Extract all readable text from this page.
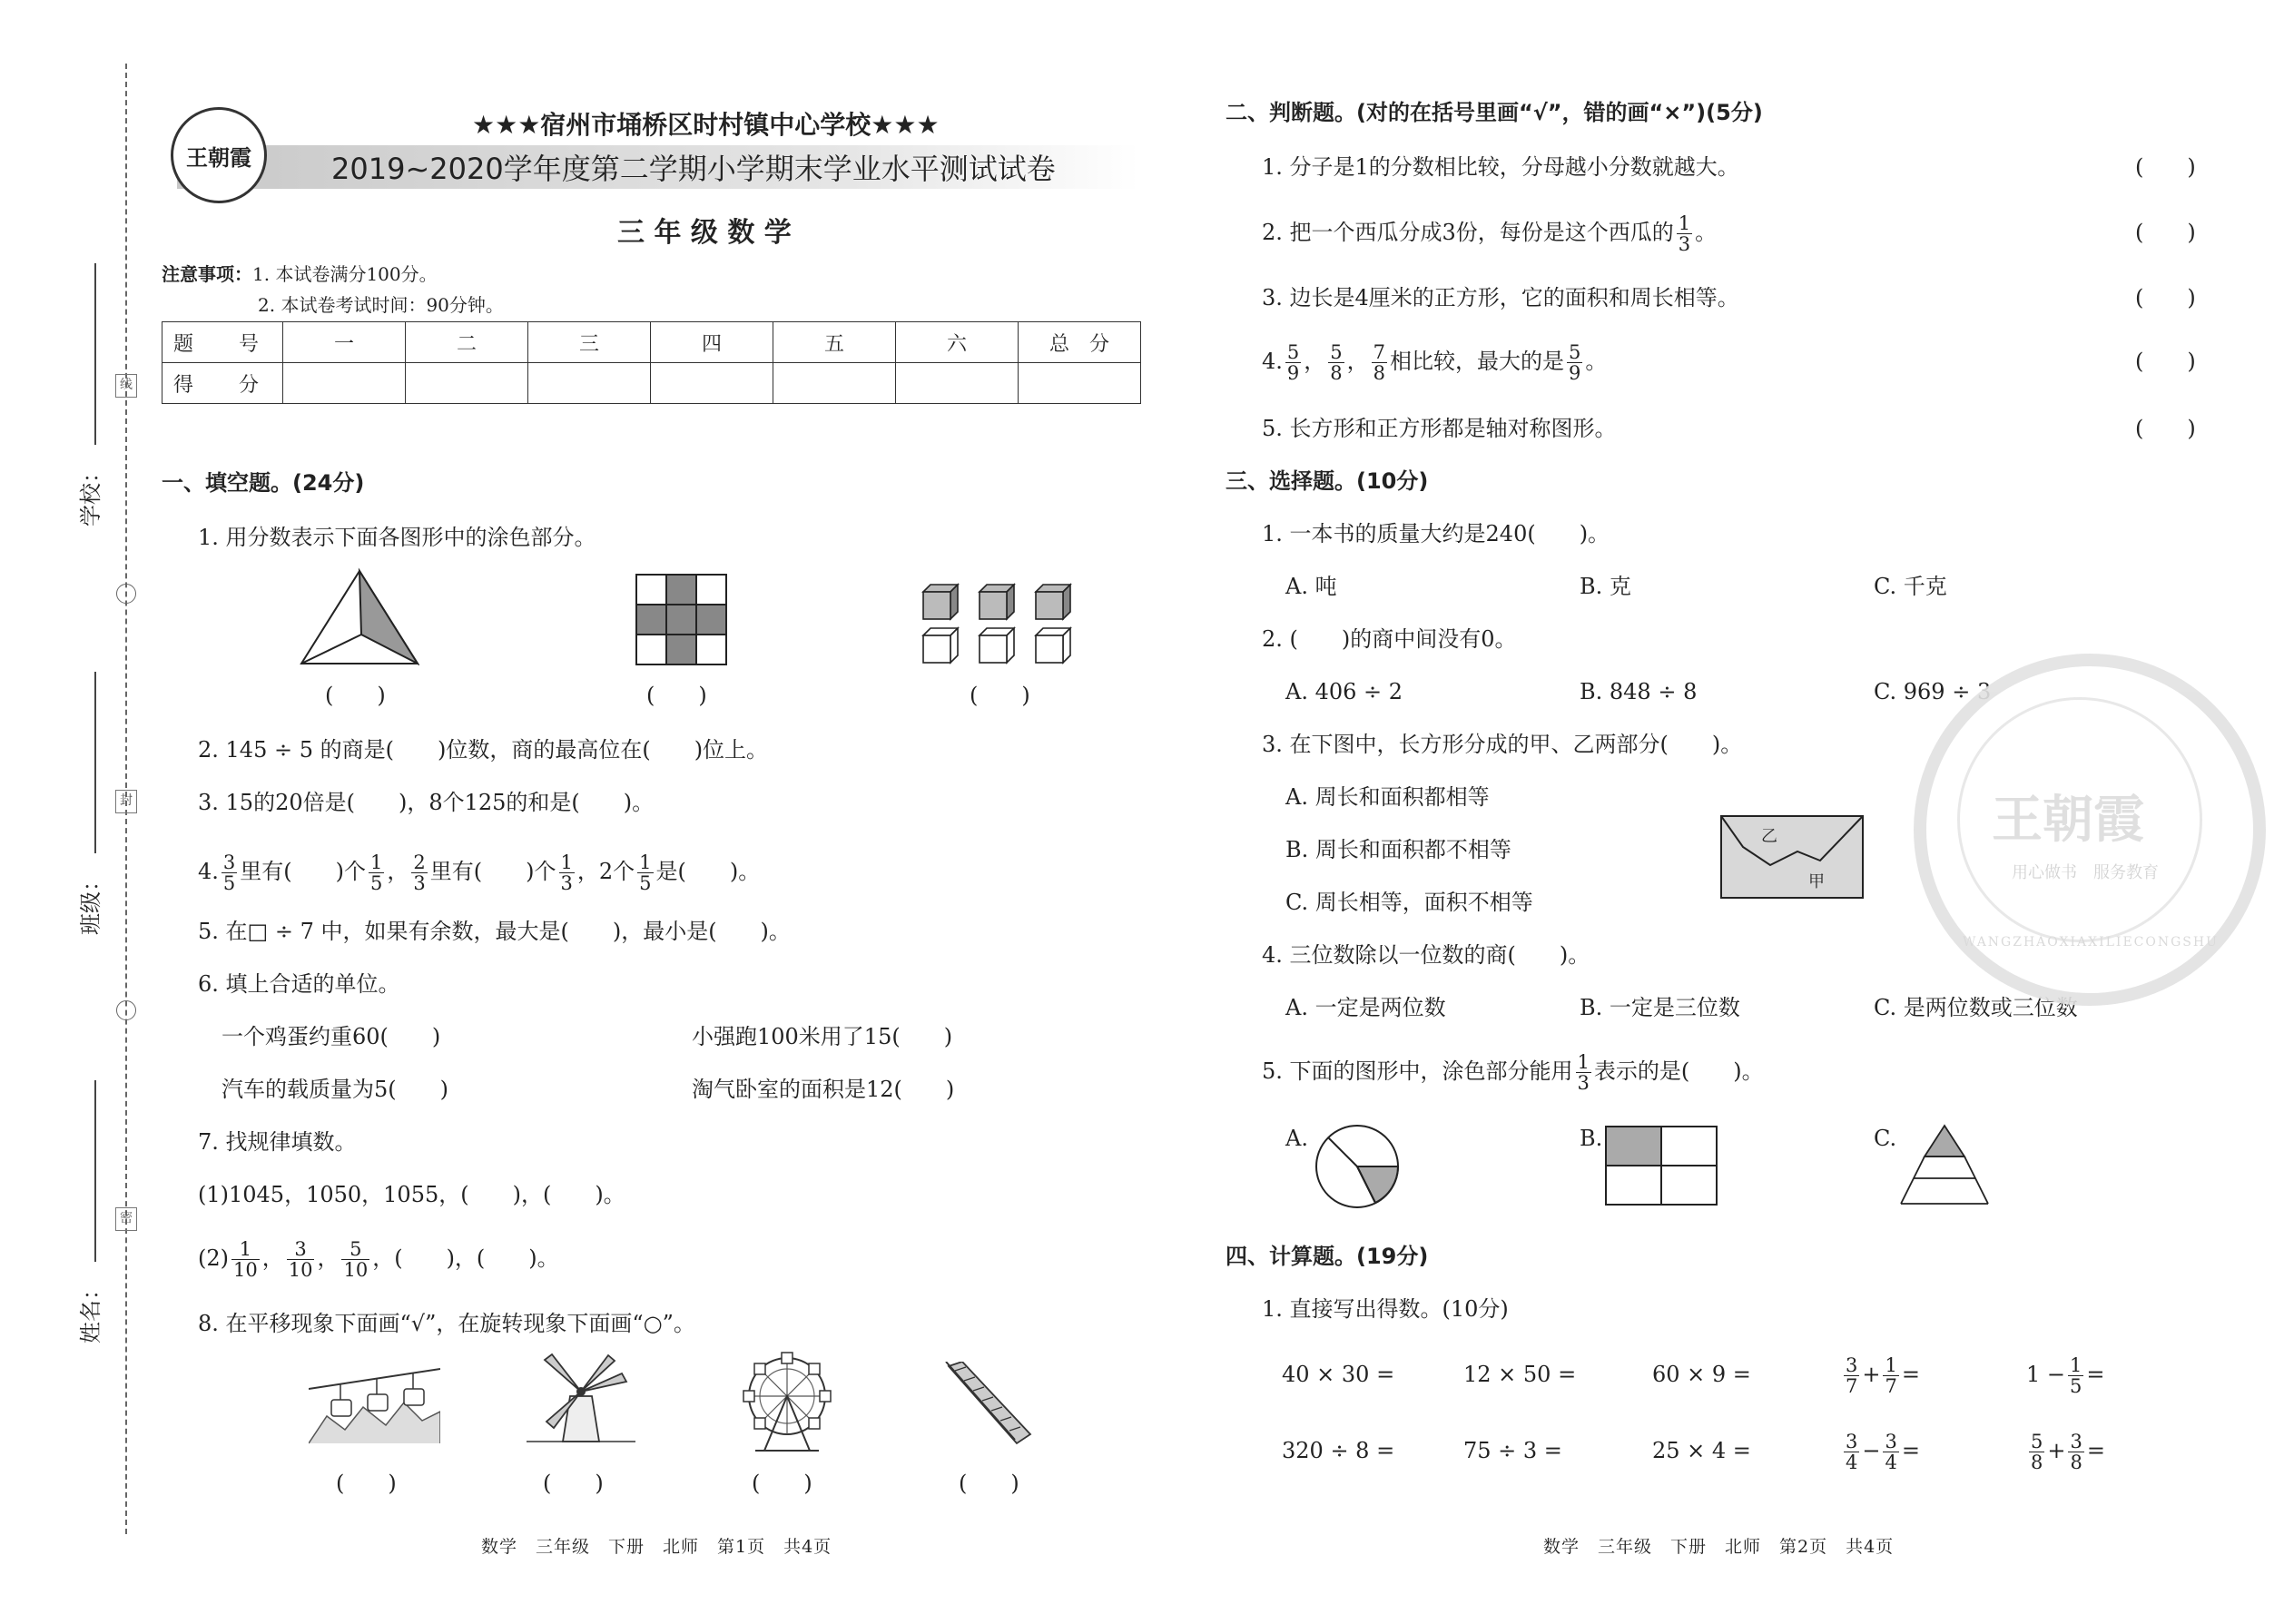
学校：
线
班级：
封
姓名：
密
王朝霞
★★★宿州市埇桥区时村镇中心学校★★★
2019~2020学年度第二学期小学期末学业水平测试试卷
三 年 级 数 学
注意事项：1. 本试卷满分100分。
2. 本试卷考试时间：90分钟。
题　号	一	二	三	四	五	六	总　分
得　分							
一、填空题。(24分)
1. 用分数表示下面各图形中的涂色部分。
(　　)	(　　)	(　　)
2. 145 ÷ 5 的商是(　　)位数，商的最高位在(　　)位上。
3. 15的20倍是(　　)，8个125的和是(　　)。
4. $\frac{3}{5}$ 里有(　　)个 $\frac{1}{5}$ ， $\frac{2}{3}$ 里有(　　)个 $\frac{1}{3}$ ，2个 $\frac{1}{5}$ 是(　　)。
5. 在□ ÷ 7 中，如果有余数，最大是(　　)，最小是(　　)。
6. 填上合适的单位。
一个鸡蛋约重60(　　)	小强跑100米用了15(　　)
汽车的载质量为5(　　)	淘气卧室的面积是12(　　)
7. 找规律填数。
(1)1045，1050，1055，(　　)，(　　)。
$(2) \frac{1}{10}$ ， $\frac{3}{10}$ ， $\frac{5}{10}$ ，(　　)，(　　)。
8. 在平移现象下面画“√”，在旋转现象下面画“○”。
(　　)	(　　)	(　　)	(　　)
数学　三年级　下册　北师　第1页　共4页
二、判断题。(对的在括号里画“√”，错的画“×”)(5分)
1. 分子是1的分数相比较，分母越小分数就越大。	(　　)
2. 把一个西瓜分成3份，每份是这个西瓜的 $\frac{1}{3}$ 。	(　　)
3. 边长是4厘米的正方形，它的面积和周长相等。	(　　)
4. $\frac{5}{9}$ ， $\frac{5}{8}$ ， $\frac{7}{8}$ 相比较，最大的是 $\frac{5}{9}$ 。	(　　)
5. 长方形和正方形都是轴对称图形。	(　　)
三、选择题。(10分)
1. 一本书的质量大约是240(　　)。
A. 吨	B. 克	C. 千克
2. (　　)的商中间没有0。
A. 406 ÷ 2	B. 848 ÷ 8	C. 969 ÷ 3
3. 在下图中，长方形分成的甲、乙两部分(　　)。
A. 周长和面积都相等
B. 周长和面积都不相等
C. 周长相等，面积不相等
乙
甲
4. 三位数除以一位数的商(　　)。
A. 一定是两位数	B. 一定是三位数	C. 是两位数或三位数
5. 下面的图形中，涂色部分能用 $\frac{1}{3}$ 表示的是(　　)。
A.	B.	C.
四、计算题。(19分)
1. 直接写出得数。(10分)
40 × 30 =	12 × 50 =	60 × 9 =	$\frac{3}{7} + \frac{1}{7}$ =	$1 - \frac{1}{5}$ =
320 ÷ 8 =	75 ÷ 3 =	25 × 4 =	$\frac{3}{4} - \frac{3}{4}$ =	$\frac{5}{8} + \frac{3}{8}$ =
数学　三年级　下册　北师　第2页　共4页
王朝霞
用心做书　服务教育
WANGZHAOXIAXILIECONGSHU
